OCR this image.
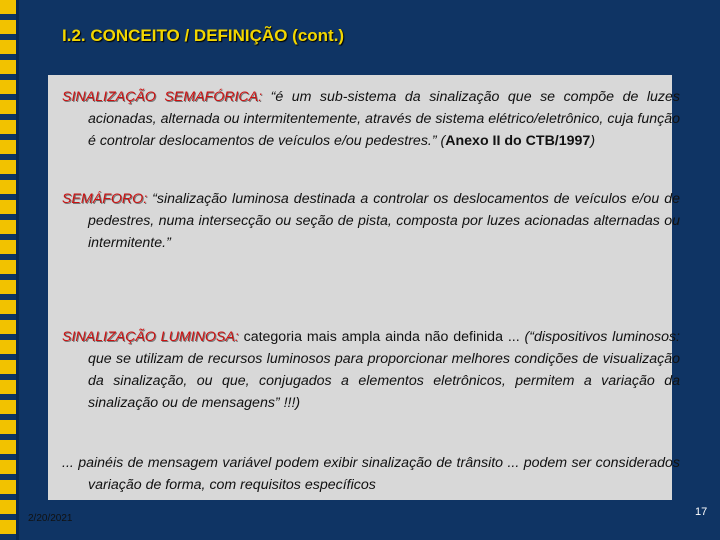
I.2. CONCEITO / DEFINIÇÃO (cont.)
SINALIZAÇÃO SEMAFÓRICA: “é um sub-sistema da sinalização que se compõe de luzes acionadas, alternada ou intermitentemente, através de sistema elétrico/eletrônico, cuja função é controlar deslocamentos de veículos e/ou pedestres.” (Anexo II do CTB/1997)
SEMÁFORO: “sinalização luminosa destinada a controlar os deslocamentos de veículos e/ou de pedestres, numa intersecção ou seção de pista, composta por luzes acionadas alternadas ou intermitente.”
SINALIZAÇÃO LUMINOSA: categoria mais ampla ainda não definida ... (“dispositivos luminosos: que se utilizam de recursos luminosos para proporcionar melhores condições de visualização da sinalização, ou que, conjugados a elementos eletrônicos, permitem a variação da sinalização ou de mensagens” !!!)
... painéis de mensagem variável podem exibir sinalização de trânsito ... podem ser considerados variação de forma, com requisitos específicos
2/20/2021
17
